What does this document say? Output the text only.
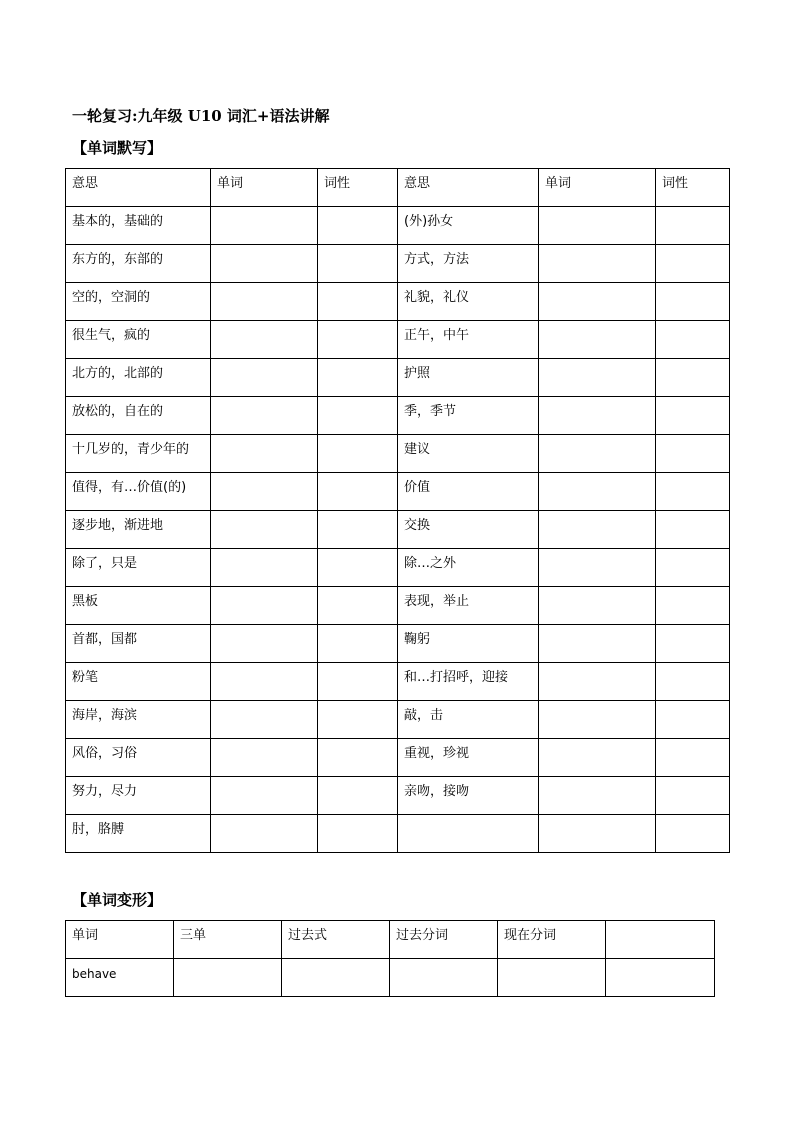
一轮复习:九年级 U10 词汇+语法讲解
【单词默写】
意思	单词	词性	意思	单词	词性

基本的，基础的			(外)孙女		

东方的，东部的			方式，方法		

空的，空洞的			礼貌，礼仪		

很生气，疯的			正午，中午		

北方的，北部的			护照		

放松的，自在的			季，季节		

十几岁的，青少年的			建议		

值得，有…价值(的)			价值		

逐步地，渐进地			交换		

除了，只是			除…之外		

黑板			表现，举止		

首都，国都			鞠躬		

粉笔			和…打招呼，迎接		

海岸，海滨			敲，击		

风俗，习俗			重视，珍视		

努力，尽力			亲吻，接吻		

肘，胳膊					

【单词变形】
单词	三单	过去式	过去分词	现在分词	

behave					
